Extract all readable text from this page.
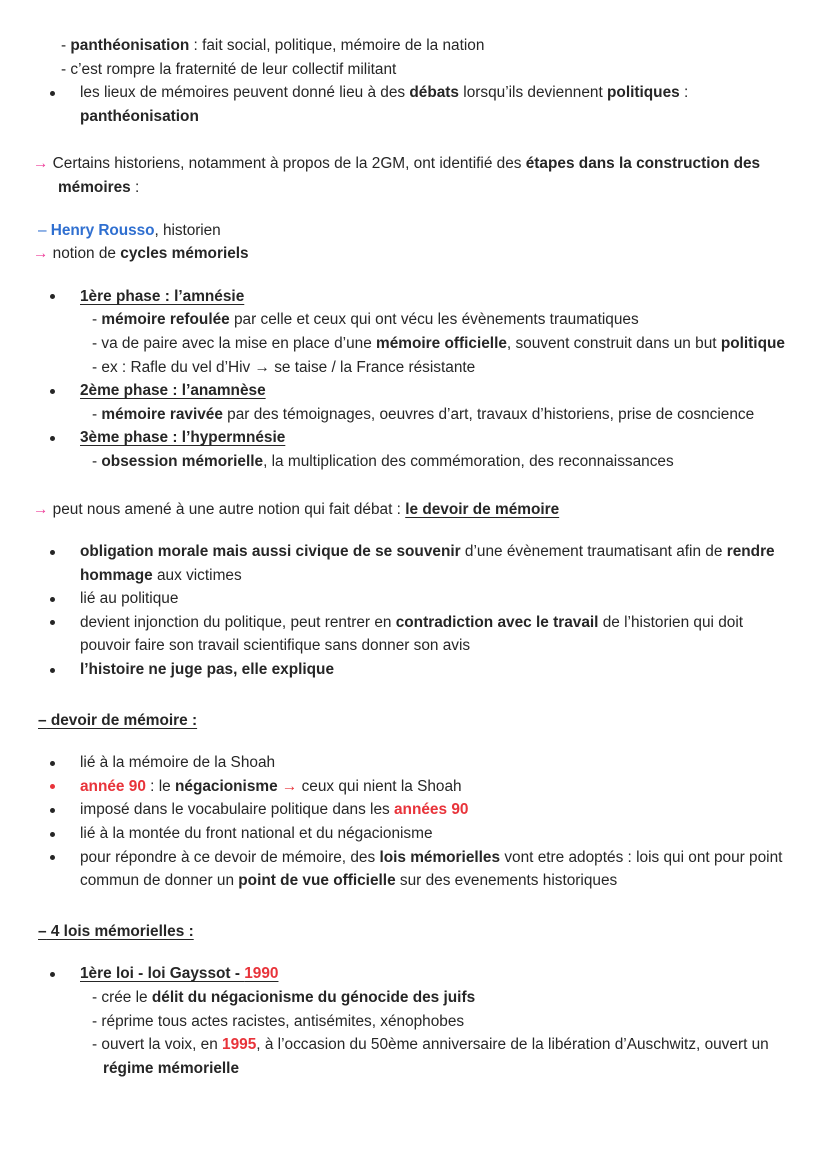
- panthéonisation : fait social, politique, mémoire de la nation
- c’est rompre la fraternité de leur collectif militant
les lieux de mémoires peuvent donné lieu à des débats lorsqu’ils deviennent politiques :
panthéonisation
→ Certains historiens, notamment à propos de la 2GM, ont identifié des étapes dans la construction des mémoires :
– Henry Rousso, historien
→ notion de cycles mémoriels
1ère phase : l’amnésie
- mémoire refoulée par celle et ceux qui ont vécu les évènements traumatiques
- va de paire avec la mise en place d’une mémoire officielle, souvent construit dans un but politique
- ex : Rafle du vel d’Hiv → se taise / la France résistante
2ème phase : l’anamnèse
- mémoire ravivée par des témoignages, oeuvres d’art, travaux d’historiens, prise de cosncience
3ème phase : l’hypermnésie
- obsession mémorielle, la multiplication des commémoration, des reconnaissances
→ peut nous amené à une autre notion qui fait débat : le devoir de mémoire
obligation morale mais aussi civique de se souvenir d’une évènement traumatisant afin de rendre hommage aux victimes
lié au politique
devient injonction du politique, peut rentrer en contradiction avec le travail de l’historien qui doit pouvoir faire son travail scientifique sans donner son avis
l’histoire ne juge pas, elle explique
– devoir de mémoire :
lié à la mémoire de la Shoah
année 90 : le négacionisme → ceux qui nient la Shoah
imposé dans le vocabulaire politique dans les années 90
lié à la montée du front national et du négacionisme
pour répondre à ce devoir de mémoire, des lois mémorielles vont etre adoptés : lois qui ont pour point commun de donner un point de vue officielle sur des evenements historiques
– 4 lois mémorielles :
1ère loi - loi Gayssot - 1990
- crée le délit du négacionisme du génocide des juifs
- réprime tous actes racistes, antisémites, xénophobes
- ouvert la voix, en 1995, à l’occasion du 50ème anniversaire de la libération d’Auschwitz, ouvert un régime mémorielle
